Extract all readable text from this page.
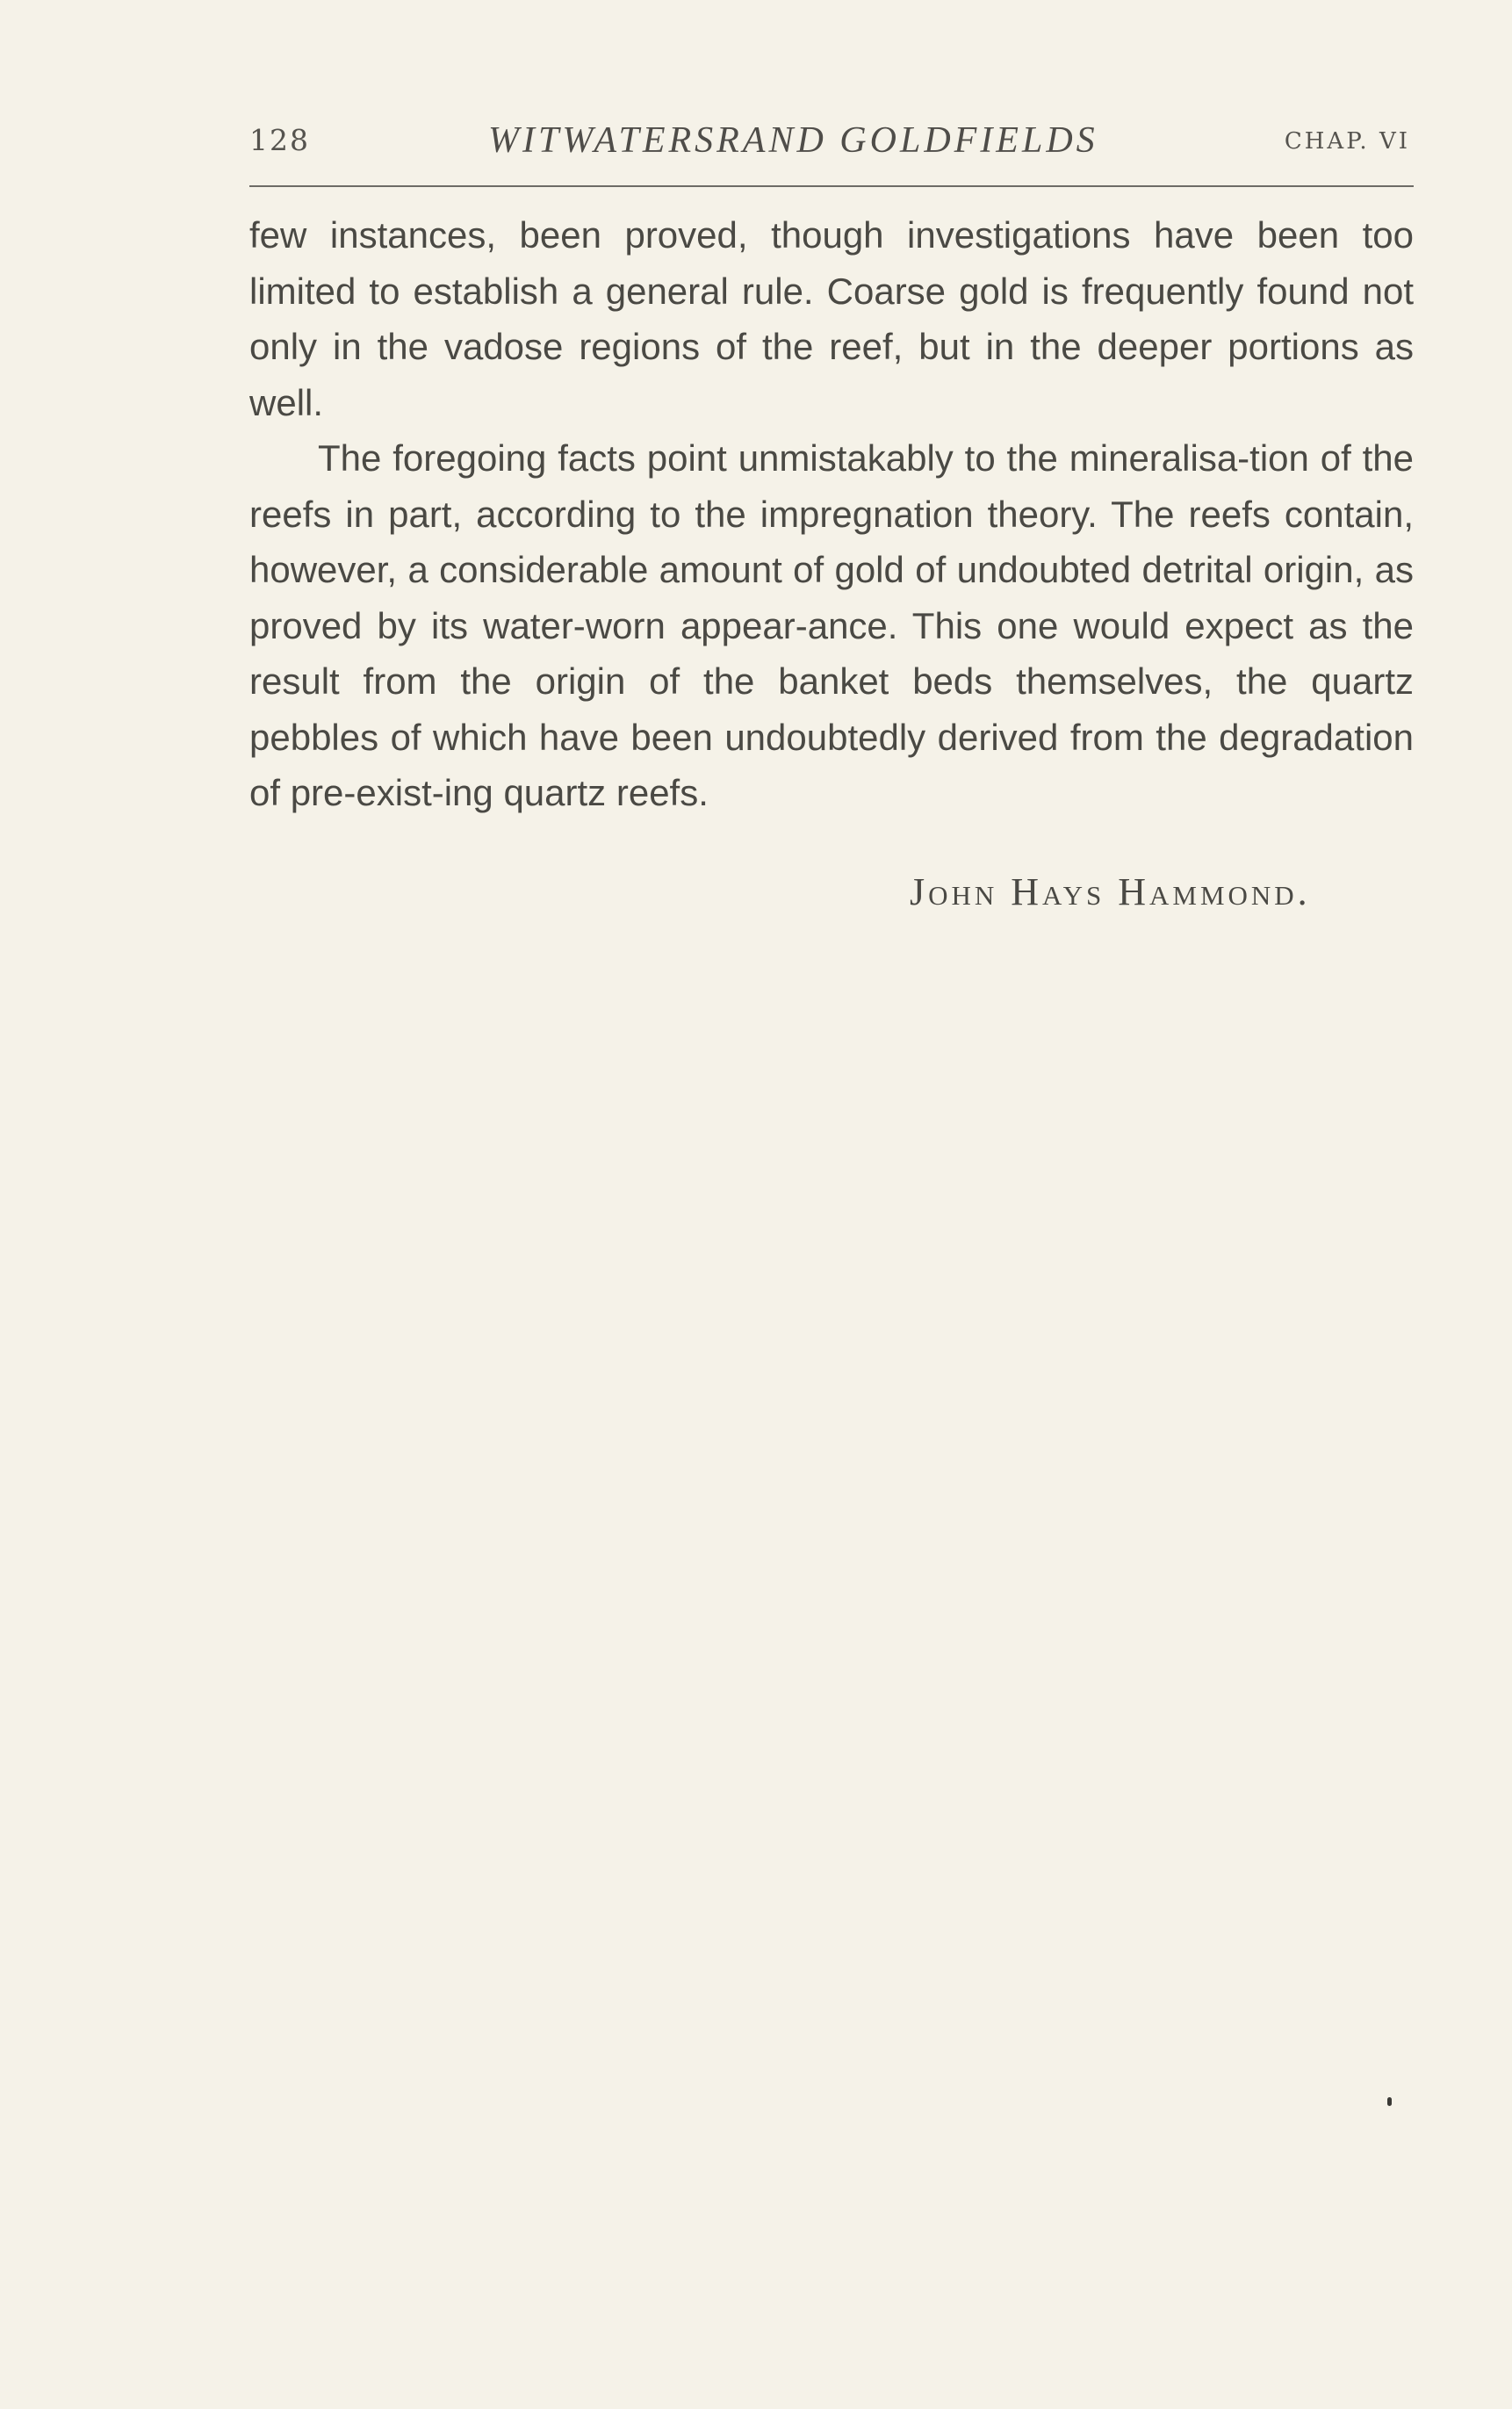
128	WITWATERSRAND GOLDFIELDS	CHAP. VI

few instances, been proved, though investigations have been too limited to establish a general rule. Coarse gold is frequently found not only in the vadose regions of the reef, but in the deeper portions as well.

The foregoing facts point unmistakably to the mineralisa-tion of the reefs in part, according to the impregnation theory. The reefs contain, however, a considerable amount of gold of undoubted detrital origin, as proved by its water-worn appear-ance. This one would expect as the result from the origin of the banket beds themselves, the quartz pebbles of which have been undoubtedly derived from the degradation of pre-exist-ing quartz reefs.

John Hays Hammond.
